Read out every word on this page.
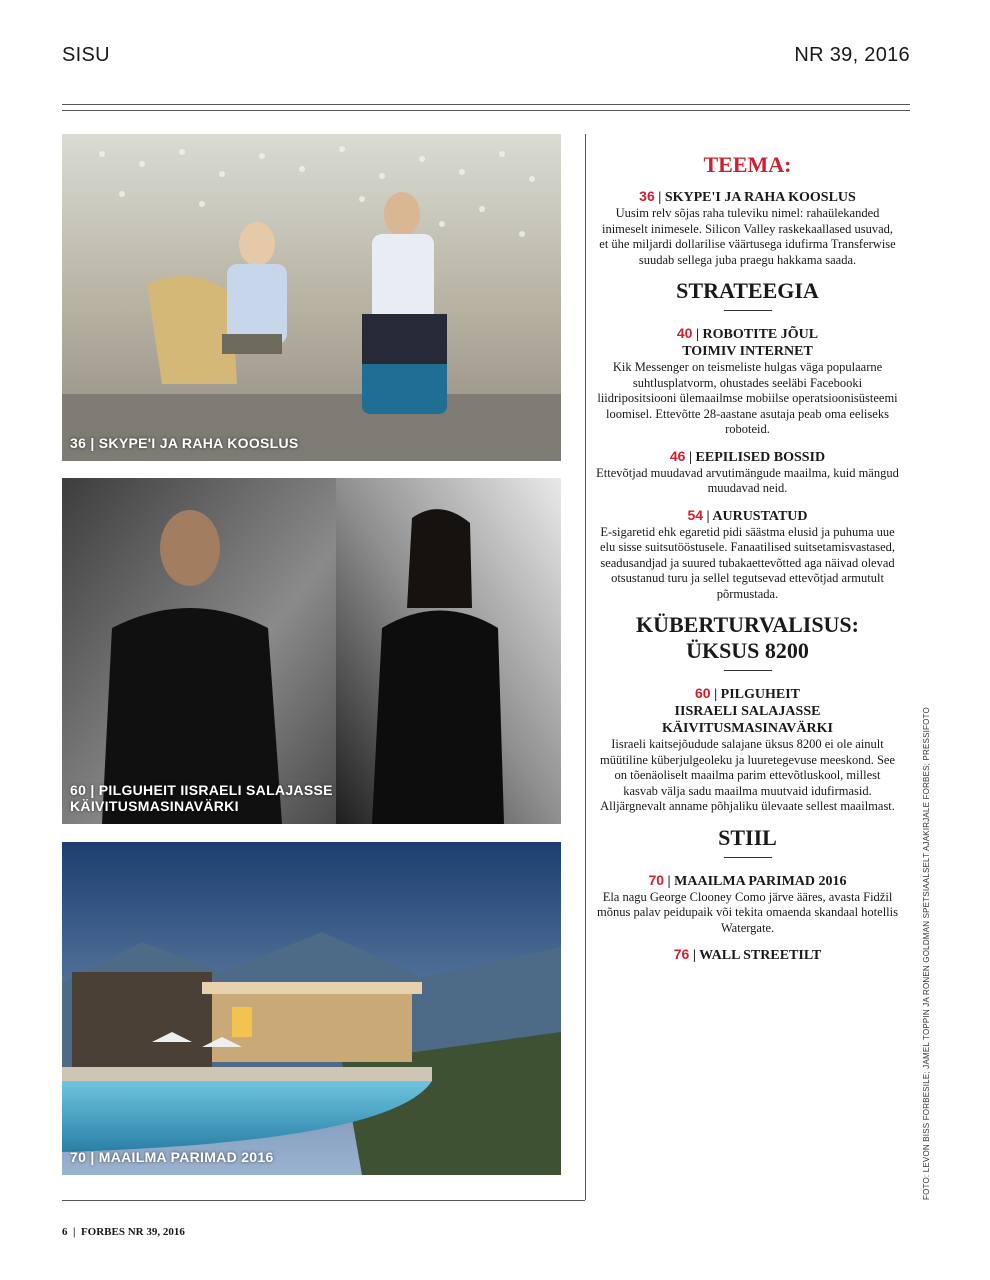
SISU	NR 39, 2016
36 | SKYPE'I JA RAHA KOOSLUS
60 | PILGUHEIT IISRAELI SALAJASSE
KÄIVITUSMASINAVÄRKI
70 | MAAILMA PARIMAD 2016
TEEMA:
36 | SKYPE'I JA RAHA KOOSLUS
Uusim relv sõjas raha tuleviku nimel: rahaülekanded inimeselt inimesele. Silicon Valley raskekaallased usuvad, et ühe miljardi dollarilise väärtusega idufirma Transferwise suudab sellega juba praegu hakkama saada.
STRATEEGIA
40 | ROBOTITE JÕUL
TOIMIV INTERNET
Kik Messenger on teismeliste hulgas väga populaarne suhtlusplatvorm, ohustades seeläbi Facebooki liidripositsiooni ülemaailmse mobiilse operatsioonisüsteemi loomisel. Ettevõtte 28-aastane asutaja peab oma eeliseks roboteid.
46 | EEPILISED BOSSID
Ettevõtjad muudavad arvutimängude maailma, kuid mängud muudavad neid.
54 | AURUSTATUD
E-sigaretid ehk egaretid pidi säästma elusid ja puhuma uue elu sisse suitsutööstusele. Fanaatilised suitsetamisvastased, seadusandjad ja suured tubakaettevõtted aga näivad olevad otsustanud turu ja sellel tegutsevad ettevõtjad armutult põrmustada.
KÜBERTURVALISUS:
ÜKSUS 8200
60 | PILGUHEIT
IISRAELI SALAJASSE
KÄIVITUSMASINAVÄRKI
Iisraeli kaitsejõudude salajane üksus 8200 ei ole ainult müütiline küberjulgeoleku ja luuretegevuse meeskond. See on tõenäoliselt maailma parim ettevõtluskool, millest kasvab välja sadu maailma muutvaid idufirmasid. Alljärgnevalt anname põhjaliku ülevaate sellest maailmast.
STIIL
70 | MAAILMA PARIMAD 2016
Ela nagu George Clooney Como järve ääres, avasta Fidžil mõnus palav peidupaik või tekita omaenda skandaal hotellis Watergate.
76 | WALL STREETILT	FOTO: LEVON BISS FORBESILE; JAMEL TOPPIN JA RONEN GOLDMAN SPETSIAALSELT AJAKIRJALE FORBES; PRESSIFOTO
6  |  FORBES NR 39, 2016
